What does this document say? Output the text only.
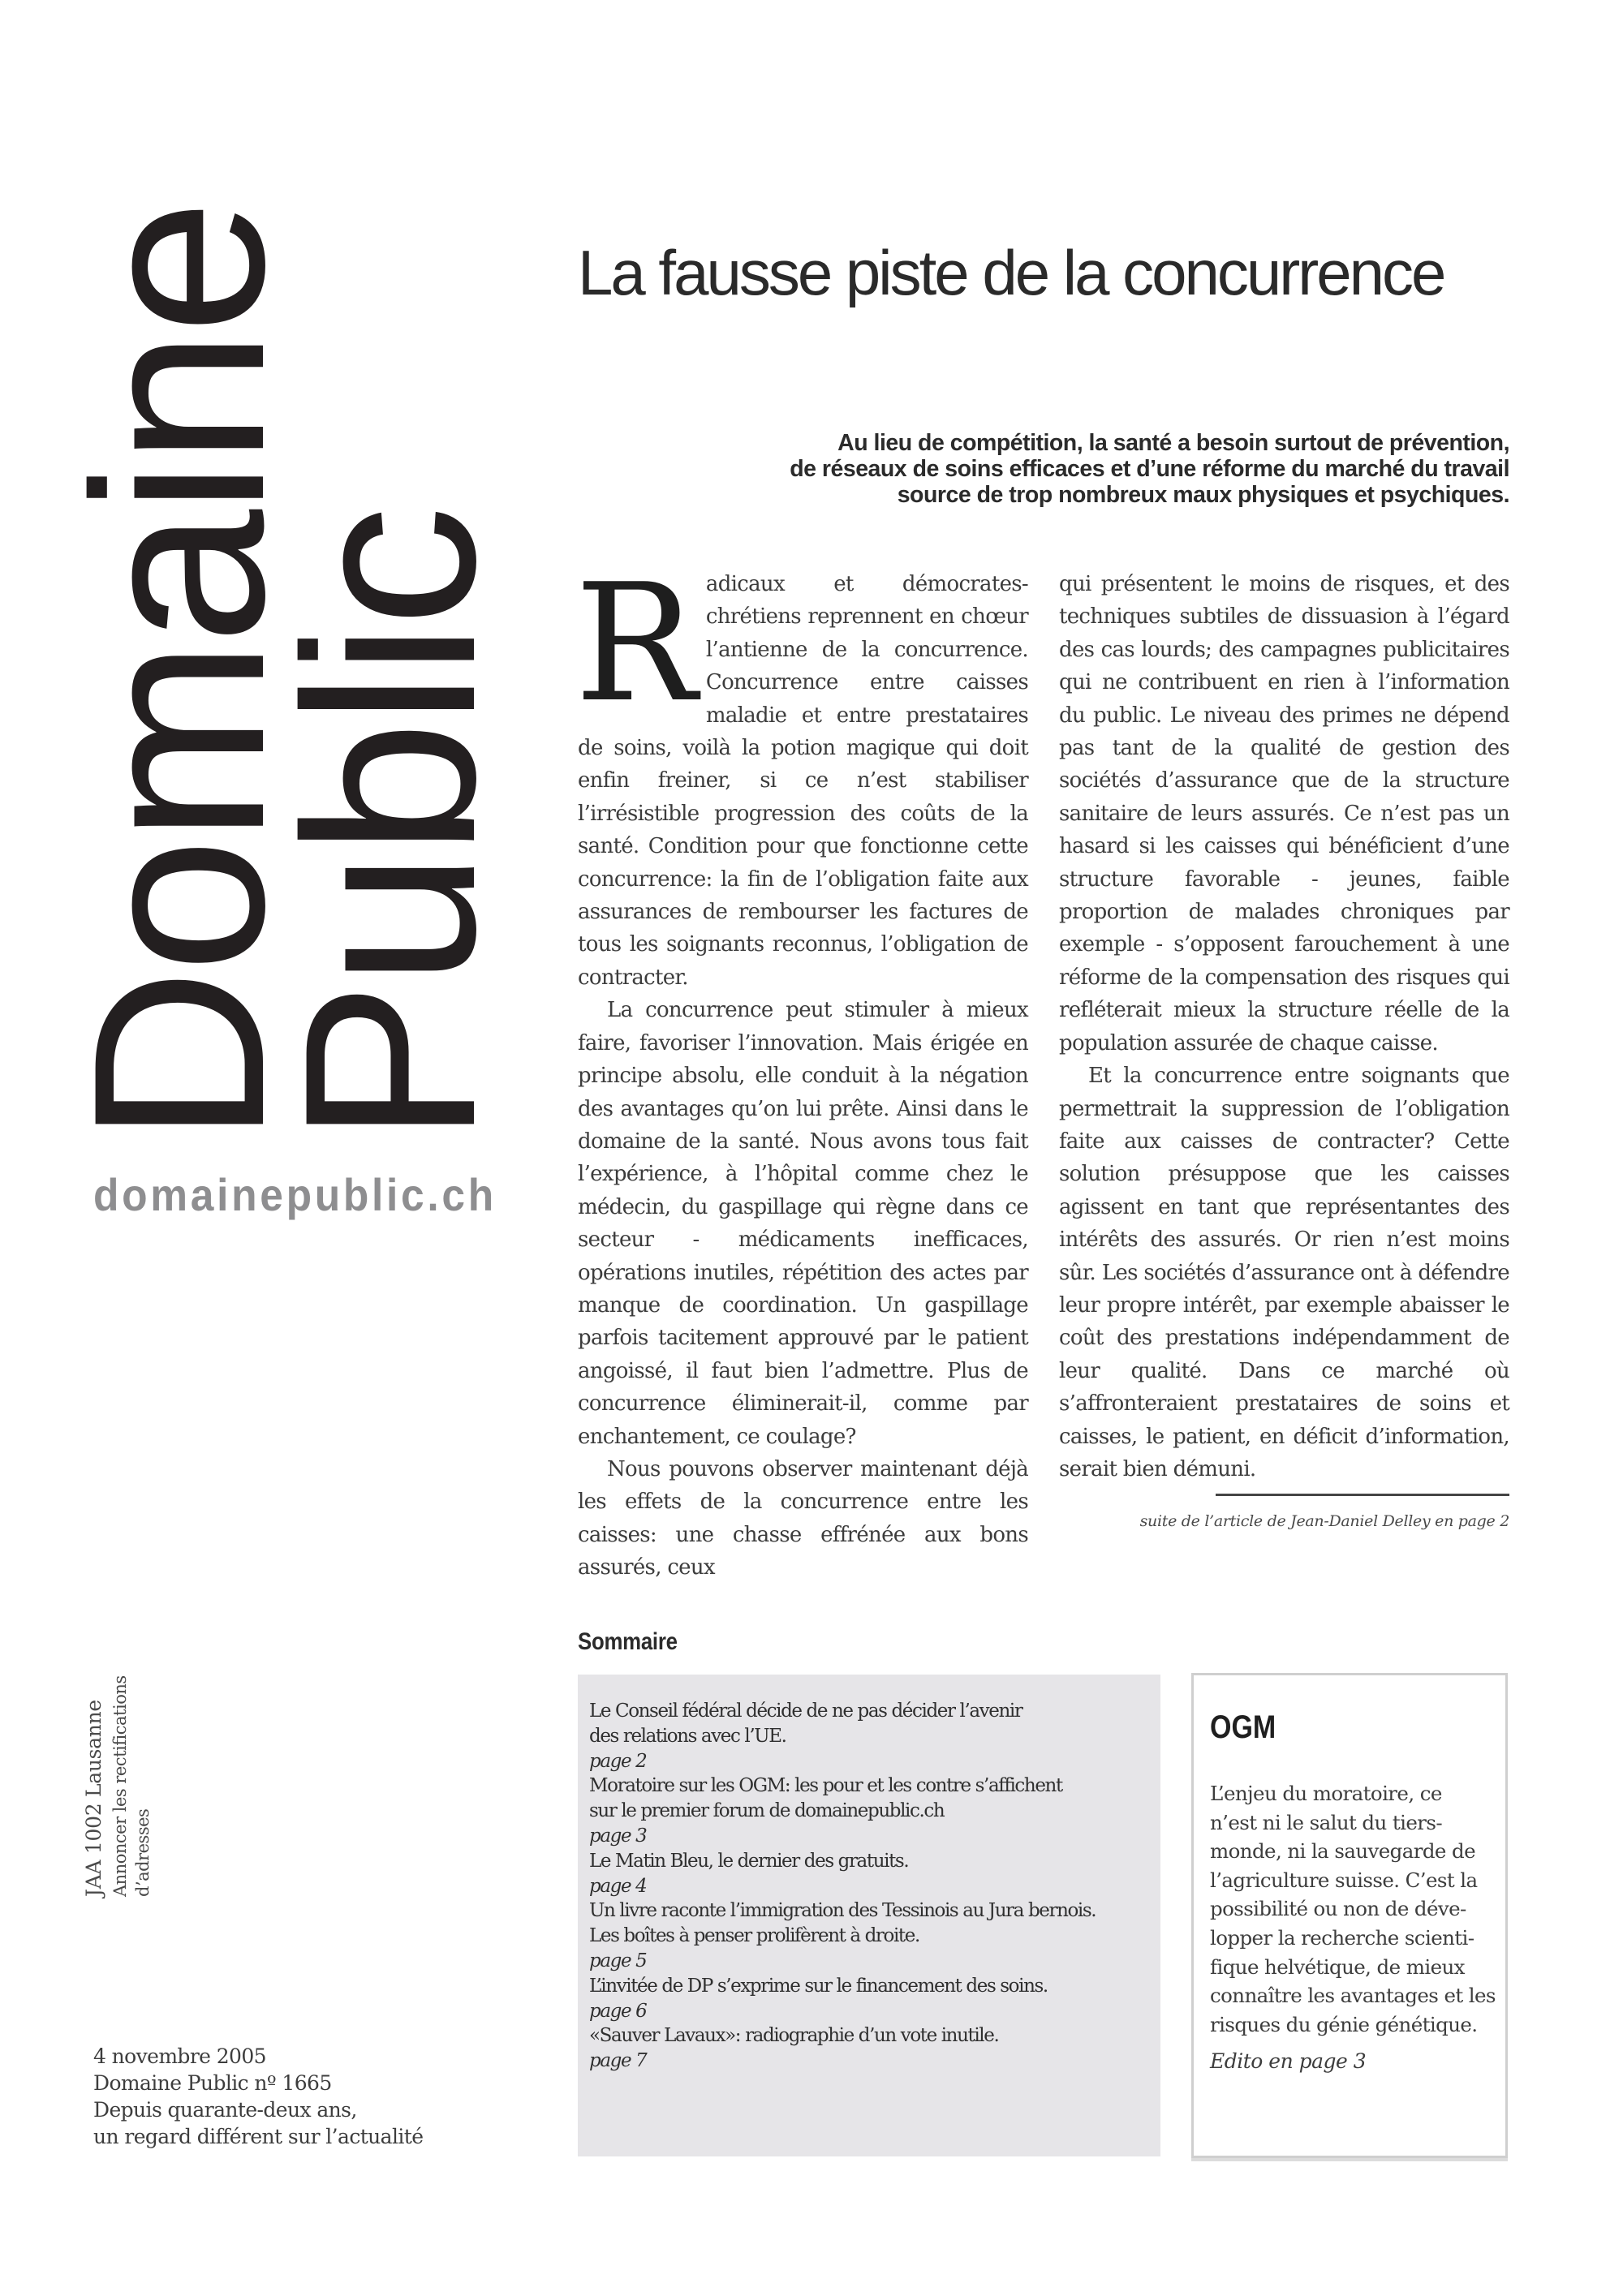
Domaine
Public
domainepublic.ch
La fausse piste de la concurrence
Au lieu de compétition, la santé a besoin surtout de prévention,
de réseaux de soins efficaces et d’une réforme du marché du travail
source de trop nombreux maux physiques et psychiques.

Radicaux et démocrates-chrétiens reprennent en chœur l’antienne de la concurrence. Concurrence entre caisses maladie et entre prestataires de soins, voilà la potion magique qui doit enfin freiner, si ce n’est stabiliser l’irrésistible progression des coûts de la santé. Condition pour que fonctionne cette concurrence: la fin de l’obligation faite aux assurances de rembourser les factures de tous les soignants reconnus, l’obligation de contracter.

La concurrence peut stimuler à mieux faire, favoriser l’innovation. Mais érigée en principe absolu, elle conduit à la négation des avantages qu’on lui prête. Ainsi dans le domaine de la santé. Nous avons tous fait l’expérience, à l’hôpital comme chez le médecin, du gaspillage qui règne dans ce secteur - médicaments inefficaces, opérations inutiles, répétition des actes par manque de coordination. Un gaspillage parfois tacitement approuvé par le patient angoissé, il faut bien l’admettre. Plus de concurrence éliminerait-il, comme par enchantement, ce coulage?

Nous pouvons observer maintenant déjà les effets de la concurrence entre les caisses: une chasse effrénée aux bons assurés, ceux

qui présentent le moins de risques, et des techniques subtiles de dissuasion à l’égard des cas lourds; des campagnes publicitaires qui ne contribuent en rien à l’information du public. Le niveau des primes ne dépend pas tant de la qualité de gestion des sociétés d’assurance que de la structure sanitaire de leurs assurés. Ce n’est pas un hasard si les caisses qui bénéficient d’une structure favorable - jeunes, faible proportion de malades chroniques par exemple - s’opposent farouchement à une réforme de la compensation des risques qui refléterait mieux la structure réelle de la population assurée de chaque caisse.

Et la concurrence entre soignants que permettrait la suppression de l’obligation faite aux caisses de contracter? Cette solution présuppose que les caisses agissent en tant que représentantes des intérêts des assurés. Or rien n’est moins sûr. Les sociétés d’assurance ont à défendre leur propre intérêt, par exemple abaisser le coût des prestations indépendamment de leur qualité. Dans ce marché où s’affronteraient prestataires de soins et caisses, le patient, en déficit d’information, serait bien démuni.

suite de l’article de Jean-Daniel Delley en page 2
Sommaire
Le Conseil fédéral décide de ne pas décider l’avenir
des relations avec l’UE.
page 2
Moratoire sur les OGM: les pour et les contre s’affichent
sur le premier forum de domainepublic.ch
page 3
Le Matin Bleu, le dernier des gratuits.
page 4
Un livre raconte l’immigration des Tessinois au Jura bernois.
Les boîtes à penser prolifèrent à droite.
page 5
L’invitée de DP s’exprime sur le financement des soins.
page 6
«Sauver Lavaux»: radiographie d’un vote inutile.
page 7
OGM
L’enjeu du moratoire, ce
n’est ni le salut du tiers-
monde, ni la sauvegarde de
l’agriculture suisse. C’est la
possibilité ou non de déve-
lopper la recherche scienti-
fique helvétique, de mieux
connaître les avantages et les
risques du génie génétique.
Edito en page 3
JAA 1002 Lausanne Annoncer les rectifications d’adresses
4 novembre 2005
Domaine Public nº 1665
Depuis quarante-deux ans,
un regard différent sur l’actualité
